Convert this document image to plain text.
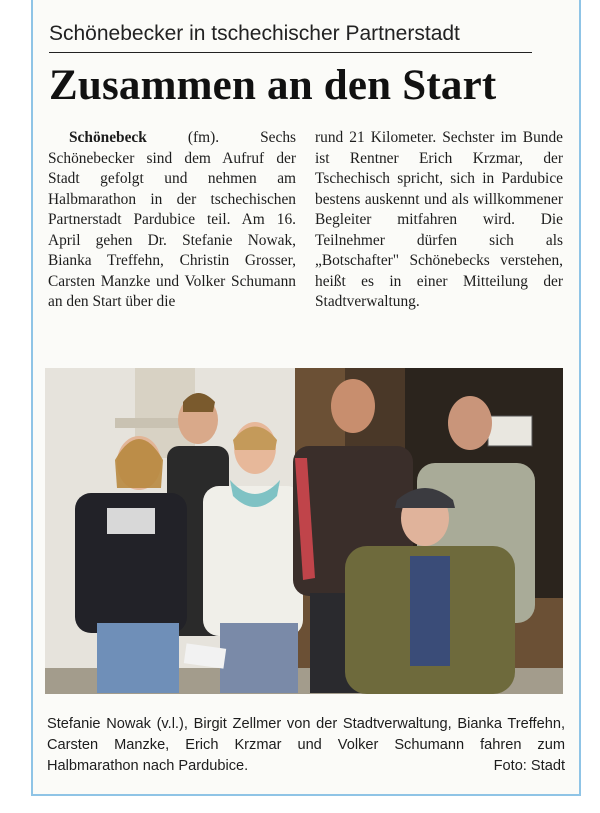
Schönebecker in tschechischer Partnerstadt
Zusammen an den Start
Schönebeck (fm). Sechs Schönebecker sind dem Aufruf der Stadt gefolgt und nehmen am Halbmarathon in der tschechischen Partnerstadt Pardubice teil. Am 16. April gehen Dr. Stefanie Nowak, Bianka Treffehn, Christin Grosser, Carsten Manzke und Volker Schumann an den Start über die
rund 21 Kilometer. Sechster im Bunde ist Rentner Erich Krzmar, der Tschechisch spricht, sich in Pardubice bestens auskennt und als willkommener Begleiter mitfahren wird. Die Teilnehmer dürfen sich als „Botschafter" Schönebecks verstehen, heißt es in einer Mitteilung der Stadtverwaltung.
Stefanie Nowak (v.l.), Birgit Zellmer von der Stadtverwaltung, Bianka Treffehn, Carsten Manzke, Erich Krzmar und Volker Schumann fahren zum Halbmarathon nach Pardubice.	Foto: Stadt
